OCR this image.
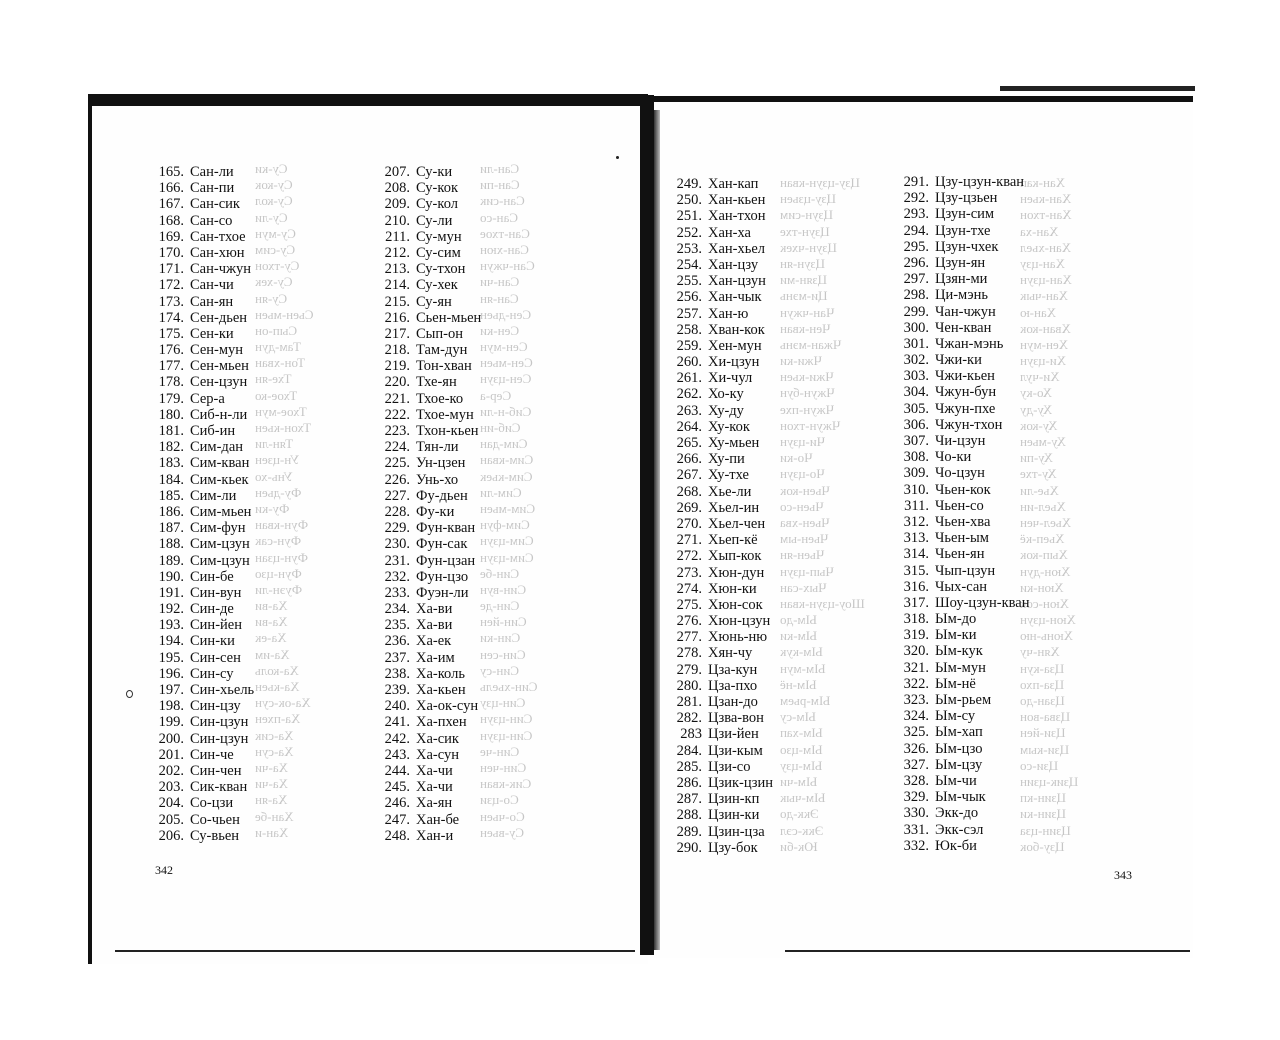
Су-ки
Су-кок
Су-кол
Су-ли
Су-мун
Су-сим
Су-тхон
Су-хек
Су-ян
Сьен-мьен
Сып-он
Там-дун
Тон-хван
Тхе-ян
Тхое-ко
Тхое-мун
Тхон-кьен
Тян-ли
Ун-цзен
Унь-хо
Фу-дьен
Фу-ки
Фун-кван
Фун-сак
Фун-цзан
Фун-цзо
Фуэн-ли
Ха-ви
Ха-ви
Ха-ек
Ха-им
Ха-коль
Ха-кьен
Ха-ок-сун
Ха-пхен
Ха-сик
Ха-сун
Ха-чи
Ха-чи
Ха-ян
Хан-бе
Хан-и
Сан-ли
Сан-пи
Сан-сик
Сан-со
Сан-тхое
Сан-хюн
Сан-чжун
Сан-чи
Сан-ян
Сен-дьен
Сен-ки
Сен-мун
Сен-мьен
Сен-цзун
Сер-а
Сиб-н-ли
Сиб-ин
Сим-дан
Сим-кван
Сим-кьек
Сим-ли
Сим-мьен
Сим-фун
Сим-цзун
Сим-цзун
Син-бе
Син-вун
Син-де
Син-йен
Син-ки
Син-сен
Син-су
Син-хьель
Син-цзу
Син-цзун
Син-цзун
Син-че
Син-чен
Сик-кван
Со-цзи
Со-чьен
Су-вьен
Цзу-цзун-кван
Цзу-цзьен
Цзун-сим
Цзун-тхе
Цзун-чхек
Цзун-ян
Цзян-ми
Ци-мэнь
Чан-чжун
Чен-кван
Чжан-мэнь
Чжи-ки
Чжи-кьен
Чжун-бун
Чжун-пхе
Чжун-тхон
Чи-цзун
Чо-ки
Чо-цзун
Чьен-кок
Чьен-со
Чьен-хва
Чьен-ым
Чьен-ян
Чып-цзун
Чых-сан
Шоу-цзун-кван
Ым-до
Ым-ки
Ым-кук
Ым-мун
Ым-нё
Ым-рьем
Ым-су
Ым-хап
Ым-цзо
Ым-цзу
Ым-чи
Ым-чык
Экк-до
Экк-сэл
Юк-би
Хан-кап
Хан-кьен
Хан-тхон
Хан-ха
Хан-хьел
Хан-цзу
Хан-цзун
Хан-чык
Хан-ю
Хван-кок
Хен-мун
Хи-цзун
Хи-чул
Хо-ку
Ху-ду
Ху-кок
Ху-мьен
Ху-пи
Ху-тхе
Хье-ли
Хьел-ин
Хьел-чен
Хьеп-кё
Хып-кок
Хюн-дун
Хюн-ки
Хюн-сок
Хюн-цзун
Хюнь-ню
Хян-чу
Цза-кун
Цза-пхо
Цзан-до
Цзва-вон
Цзи-йен
Цзи-кым
Цзи-со
Цзик-цзин
Цзин-кп
Цзин-ки
Цзин-цза
Цзу-бок
165. Сан-ли
166. Сан-пи
167. Сан-сик
168. Сан-со
169. Сан-тхое
170. Сан-хюн
171. Сан-чжун
172. Сан-чи
173. Сан-ян
174. Сен-дьен
175. Сен-ки
176. Сен-мун
177. Сен-мьен
178. Сен-цзун
179. Сер-а
180. Сиб-н-ли
181. Сиб-ин
182. Сим-дан
183. Сим-кван
184. Сим-кьек
185. Сим-ли
186. Сим-мьен
187. Сим-фун
188. Сим-цзун
189. Сим-цзун
190. Син-бе
191. Син-вун
192. Син-де
193. Син-йен
194. Син-ки
195. Син-сен
196. Син-су
197. Син-хьель
198. Син-цзу
199. Син-цзун
200. Син-цзун
201. Син-че
202. Син-чен
203. Сик-кван
204. Со-цзи
205. Со-чьен
206. Су-вьен
207. Су-ки
208. Су-кок
209. Су-кол
210. Су-ли
211. Су-мун
212. Су-сим
213. Су-тхон
214. Су-хек
215. Су-ян
216. Сьен-мьен
217. Сып-он
218. Там-дун
219. Тон-хван
220. Тхе-ян
221. Тхое-ко
222. Тхое-мун
223. Тхон-кьен
224. Тян-ли
225. Ун-цзен
226. Унь-хо
227. Фу-дьен
228. Фу-ки
229. Фун-кван
230. Фун-сак
231. Фун-цзан
232. Фун-цзо
233. Фуэн-ли
234. Ха-ви
235. Ха-ви
236. Ха-ек
237. Ха-им
238. Ха-коль
239. Ха-кьен
240. Ха-ок-сун
241. Ха-пхен
242. Ха-сик
243. Ха-сун
244. Ха-чи
245. Ха-чи
246. Ха-ян
247. Хан-бе
248. Хан-и
249. Хан-кап
250. Хан-кьен
251. Хан-тхон
252. Хан-ха
253. Хан-хьел
254. Хан-цзу
255. Хан-цзун
256. Хан-чык
257. Хан-ю
258. Хван-кок
259. Хен-мун
260. Хи-цзун
261. Хи-чул
262. Хо-ку
263. Ху-ду
264. Ху-кок
265. Ху-мьен
266. Ху-пи
267. Ху-тхе
268. Хье-ли
269. Хьел-ин
270. Хьел-чен
271. Хьеп-кё
272. Хып-кок
273. Хюн-дун
274. Хюн-ки
275. Хюн-сок
276. Хюн-цзун
277. Хюнь-ню
278. Хян-чу
279. Цза-кун
280. Цза-пхо
281. Цзан-до
282. Цзва-вон
283 Цзи-йен
284. Цзи-кым
285. Цзи-со
286. Цзик-цзин
287. Цзин-кп
288. Цзин-ки
289. Цзин-цза
290. Цзу-бок
291. Цзу-цзун-кван
292. Цзу-цзьен
293. Цзун-сим
294. Цзун-тхе
295. Цзун-чхек
296. Цзун-ян
297. Цзян-ми
298. Ци-мэнь
299. Чан-чжун
300. Чен-кван
301. Чжан-мэнь
302. Чжи-ки
303. Чжи-кьен
304. Чжун-бун
305. Чжун-пхе
306. Чжун-тхон
307. Чи-цзун
308. Чо-ки
309. Чо-цзун
310. Чьен-кок
311. Чьен-со
312. Чьен-хва
313. Чьен-ым
314. Чьен-ян
315. Чып-цзун
316. Чых-сан
317. Шоу-цзун-кван
318. Ым-до
319. Ым-ки
320. Ым-кук
321. Ым-мун
322. Ым-нё
323. Ым-рьем
324. Ым-су
325. Ым-хап
326. Ым-цзо
327. Ым-цзу
328. Ым-чи
329. Ым-чык
330. Экк-до
331. Экк-сэл
332. Юк-би
342	343
